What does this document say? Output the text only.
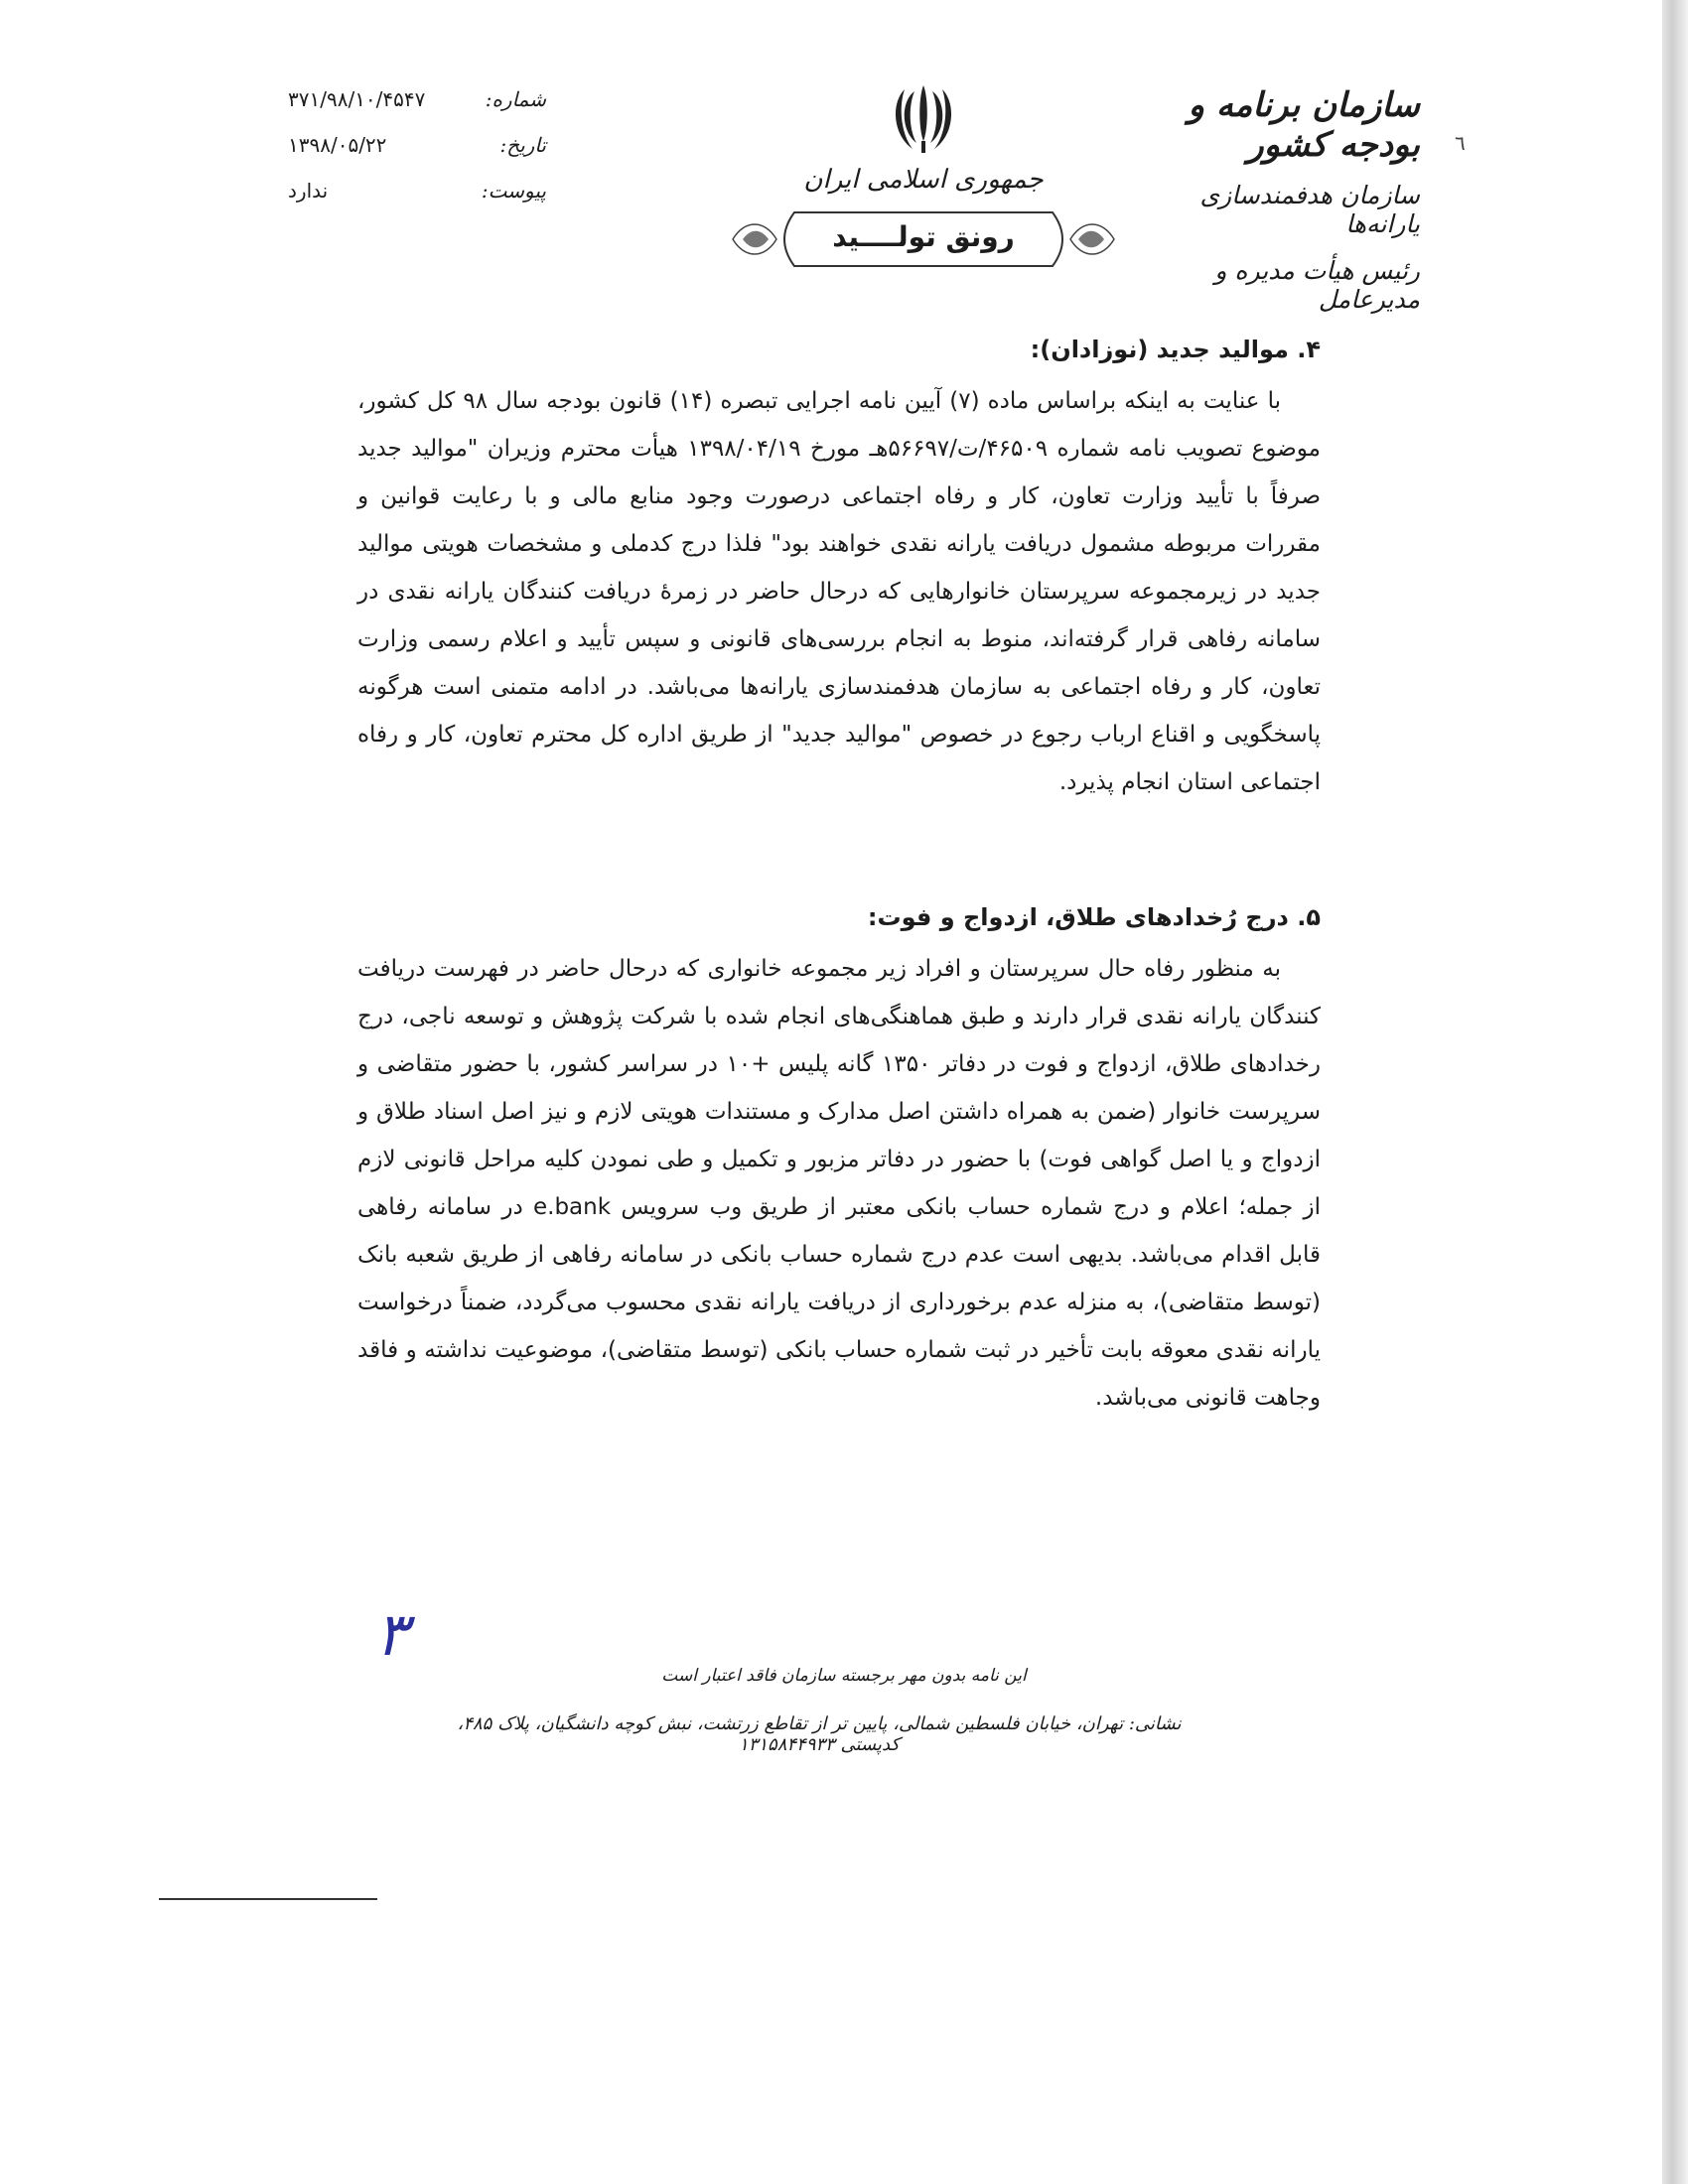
سازمان برنامه و بودجه کشور
سازمان هدفمندسازی یارانه‌ها
رئیس هیأت مدیره و مدیرعامل
٦
جمهوری اسلامی ایران
رونق تولــــید
شماره:
۳۷۱/۹۸/۱۰/۴۵۴۷
تاریخ:
۱۳۹۸/۰۵/۲۲
پیوست:
ندارد
۴. موالید جدید (نوزادان):

با عنایت به اینکه براساس ماده (۷) آیین نامه اجرایی تبصره (۱۴) قانون بودجه سال ۹۸ کل کشور، موضوع تصویب نامه شماره ۴۶۵۰۹/ت/۵۶۶۹۷هـ مورخ ۱۳۹۸/۰۴/۱۹ هیأت محترم وزیران "موالید جدید صرفاً با تأیید وزارت تعاون، کار و رفاه اجتماعی درصورت وجود منابع مالی و با رعایت قوانین و مقررات مربوطه مشمول دریافت یارانه نقدی خواهند بود" فلذا درج کدملی و مشخصات هویتی موالید جدید در زیرمجموعه سرپرستان خانوارهایی که درحال حاضر در زمرهٔ دریافت کنندگان یارانه نقدی در سامانه رفاهی قرار گرفته‌اند، منوط به انجام بررسی‌های قانونی و سپس تأیید و اعلام رسمی وزارت تعاون، کار و رفاه اجتماعی به سازمان هدفمندسازی یارانه‌ها می‌باشد. در ادامه متمنی است هرگونه پاسخگویی و اقناع ارباب رجوع در خصوص "موالید جدید" از طریق اداره کل محترم تعاون، کار و رفاه اجتماعی استان انجام پذیرد.

۵. درج رُخدادهای طلاق، ازدواج و فوت:

به منظور رفاه حال سرپرستان و افراد زیر مجموعه خانواری که درحال حاضر در فهرست دریافت کنندگان یارانه نقدی قرار دارند و طبق هماهنگی‌های انجام شده با شرکت پژوهش و توسعه ناجی، درج رخدادهای طلاق، ازدواج و فوت در دفاتر ۱۳۵۰ گانه پلیس +۱۰ در سراسر کشور، با حضور متقاضی و سرپرست خانوار (ضمن به همراه داشتن اصل مدارک و مستندات هویتی لازم و نیز اصل اسناد طلاق و ازدواج و یا اصل گواهی فوت) با حضور در دفاتر مزبور و تکمیل و طی نمودن کلیه مراحل قانونی لازم از جمله؛ اعلام و درج شماره حساب بانکی معتبر از طریق وب سرویس e.bank در سامانه رفاهی قابل اقدام می‌باشد. بدیهی است عدم درج شماره حساب بانکی در سامانه رفاهی از طریق شعبه بانک (توسط متقاضی)، به منزله عدم برخورداری از دریافت یارانه نقدی محسوب می‌گردد، ضمناً درخواست یارانه نقدی معوقه بابت تأخیر در ثبت شماره حساب بانکی (توسط متقاضی)، موضوعیت نداشته و فاقد وجاهت قانونی می‌باشد.

۳
این نامه بدون مهر برجسته سازمان فاقد اعتبار است
نشانی: تهران، خیابان فلسطین شمالی، پایین تر از تقاطع زرتشت، نبش کوچه دانشگیان، پلاک ۴۸۵، کدپستی ۱۳۱۵۸۴۴۹۳۳
